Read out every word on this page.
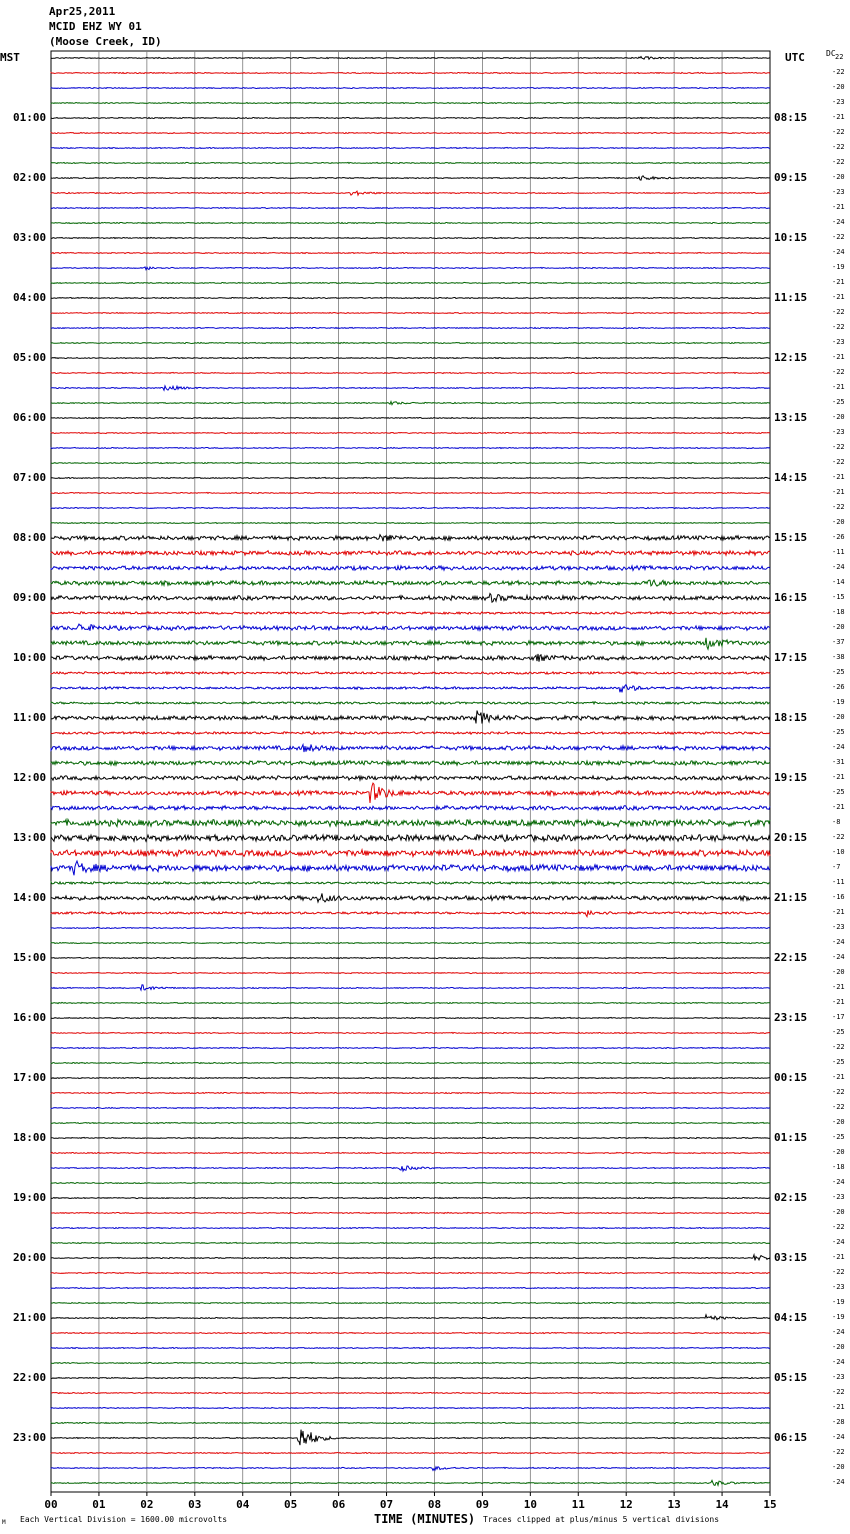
Apr25,2011
MCID EHZ WY 01
(Moose Creek, ID)
MST	UTC	DC
00	01	02	03	04	05	06	07	08	09	10	11	12	13	14	15
22
-22
-20
-23
-21
-22
-22
-22
-20
-23
-21
-24
-22
-24
-19
-21
-21
-22
-22
-23
-21
-22
-21
-25
-20
-23
-22
-22
-21
-21
-22
-20
-26
-11
-24
-14
-15
-18
-20
-37
-38
-25
-26
-19
-20
-25
-24
-31
-21
-25
-21
-8
-22
-10
-7
-11
-16
-21
-23
-24
-24
-20
-21
-21
-17
-25
-22
-25
-21
-22
-22
-20
-25
-20
-18
-24
-23
-20
-22
-24
-21
-22
-23
-19
-19
-24
-20
-24
-23
-22
-21
-28
-24
-22
-20
-24
01:00
02:00
03:00
04:00
05:00
06:00
07:00
08:00
09:00
10:00
11:00
12:00
13:00
14:00
15:00
16:00
17:00
18:00
19:00
20:00
21:00
22:00
23:00
08:15
09:15
10:15
11:15
12:15
13:15
14:15
15:15
16:15
17:15
18:15
19:15
20:15
21:15
22:15
23:15
00:15
01:15
02:15
03:15
04:15
05:15
06:15
Each Vertical Division = 1600.00 microvolts	TIME (MINUTES) Traces clipped at plus/minus 5 vertical divisions
M
